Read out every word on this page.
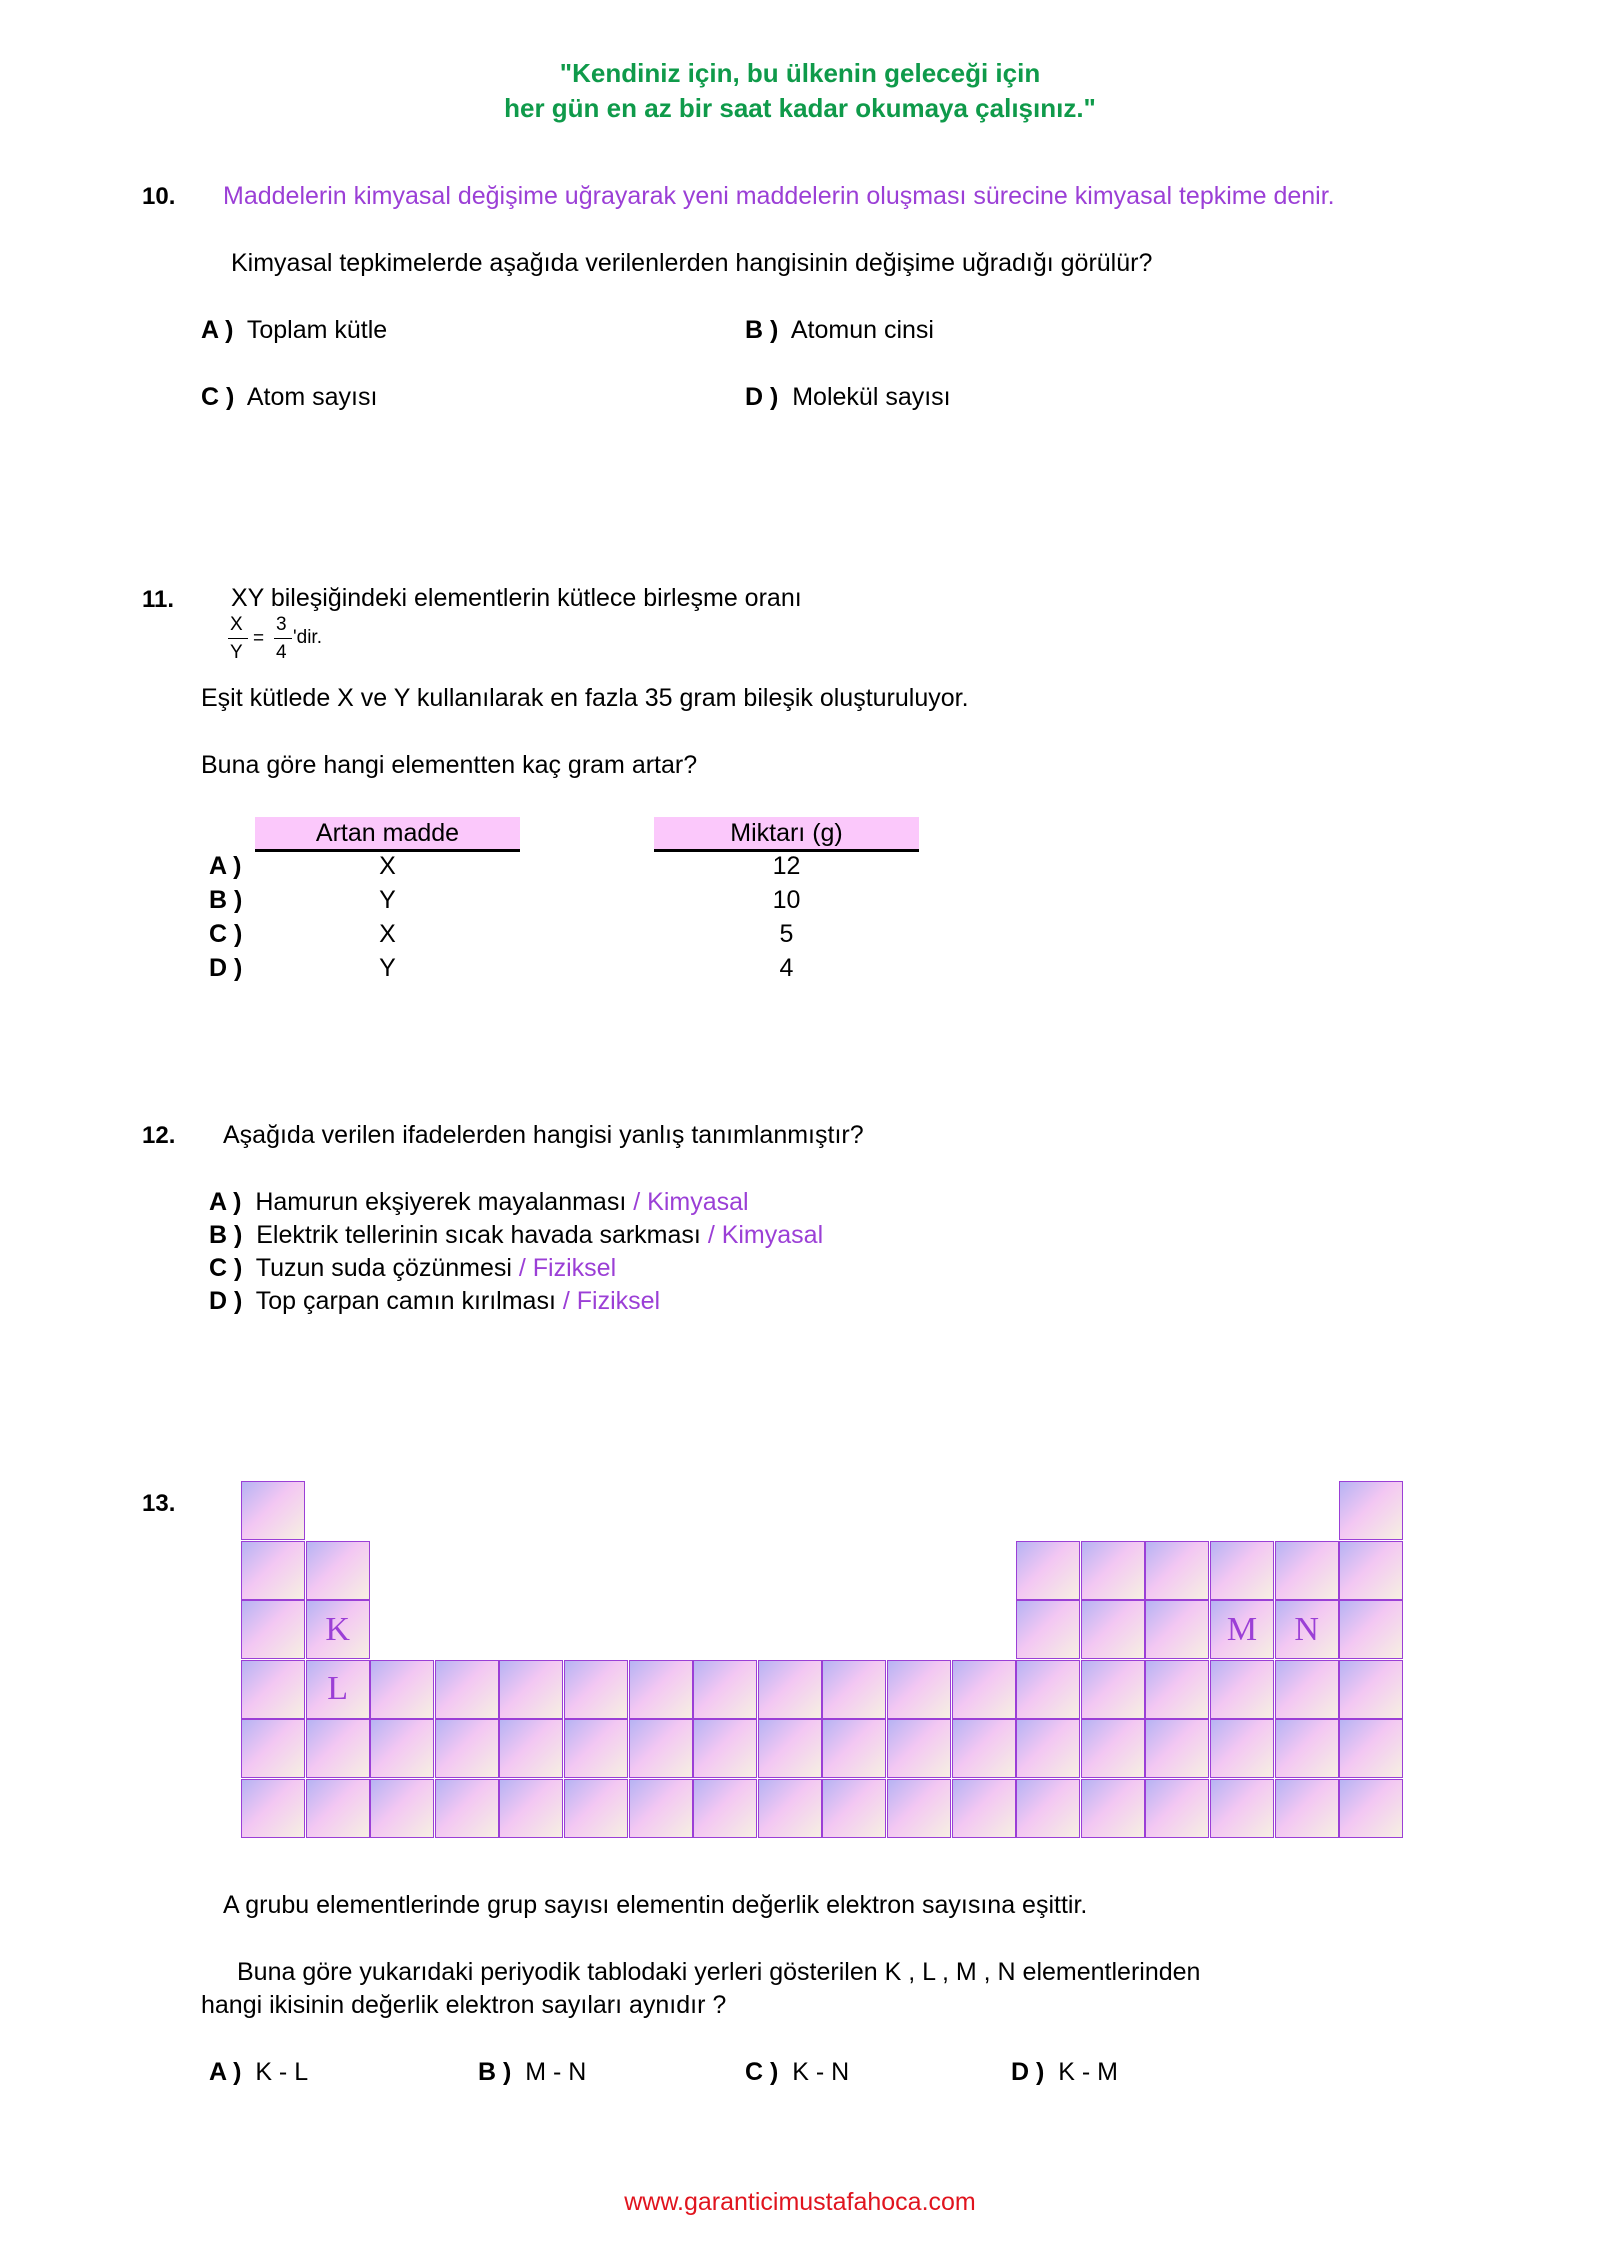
"Kendiniz için, bu ülkenin geleceği için
her gün en az bir saat kadar okumaya çalışınız."
10. Maddelerin kimyasal değişime uğrayarak yeni maddelerin oluşması sürecine kimyasal tepkime denir.
Kimyasal tepkimelerde aşağıda verilenlerden hangisinin değişime uğradığı görülür?
A ) Toplam kütle	B ) Atomun cinsi
C ) Atom sayısı	D ) Molekül sayısı
11. XY bileşiğindeki elementlerin kütlece birleşme oranı
X
Y
=
3
4
'dir.
Eşit kütlede X ve Y kullanılarak en fazla 35 gram bileşik oluşturuluyor.
Buna göre hangi elementten kaç gram artar?
Artan madde	Miktarı (g)
A )	X	12
B )	Y	10
C )	X	5
D )	Y	4
12. Aşağıda verilen ifadelerden hangisi yanlış tanımlanmıştır?
A ) Hamurun ekşiyerek mayalanması / Kimyasal
B ) Elektrik tellerinin sıcak havada sarkması / Kimyasal
C ) Tuzun suda çözünmesi / Fiziksel
D ) Top çarpan camın kırılması / Fiziksel
13.
K	M	N
L
A grubu elementlerinde grup sayısı elementin değerlik elektron sayısına eşittir.
Buna göre yukarıdaki periyodik tablodaki yerleri gösterilen K , L , M , N elementlerinden
hangi ikisinin değerlik elektron sayıları aynıdır ?
A ) K - L	B ) M - N	C ) K - N	D ) K - M
www.garanticimustafahoca.com
